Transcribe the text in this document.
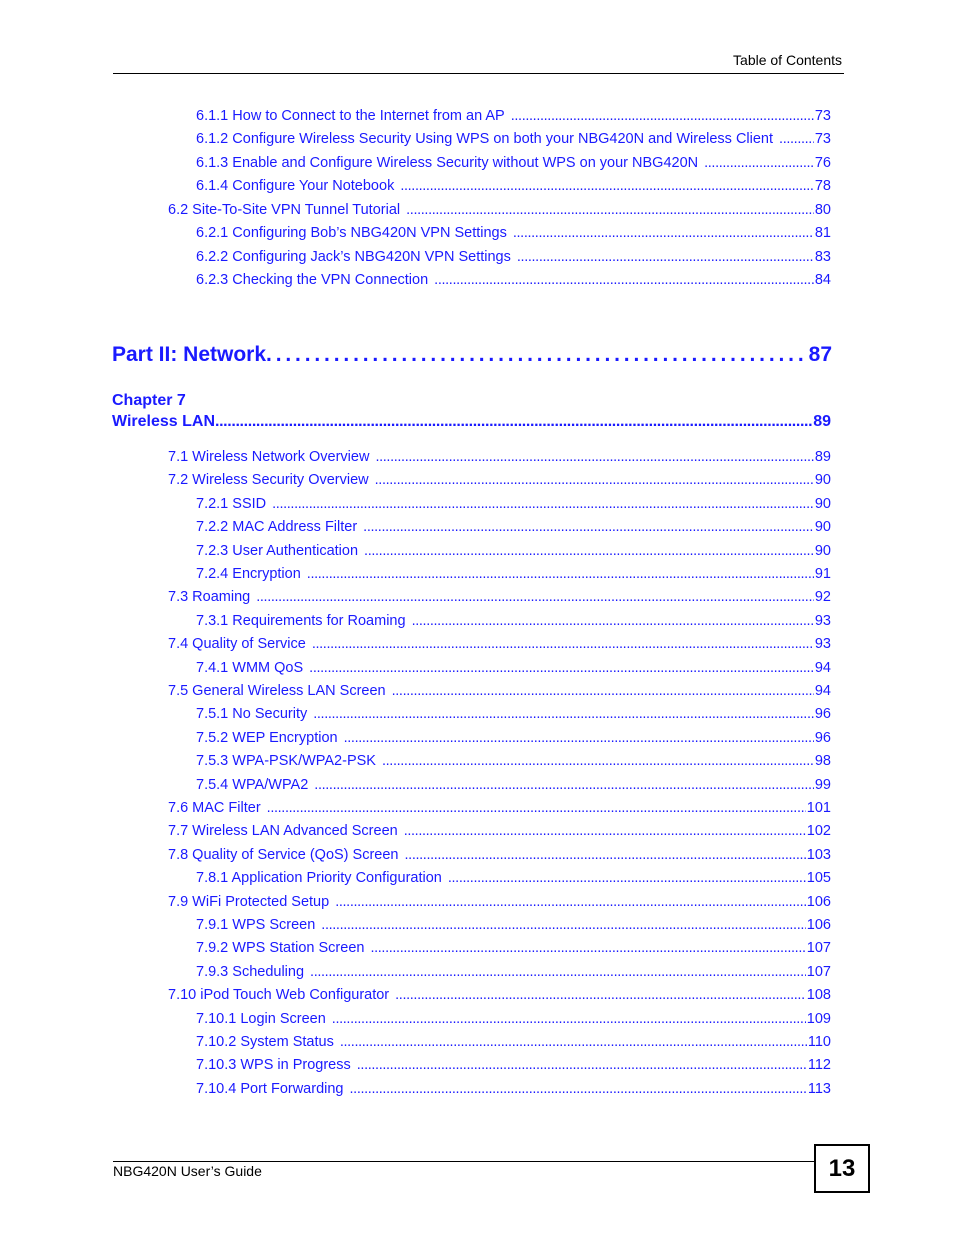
Table of Contents
6.1.1 How to Connect to the Internet from an AP . . .	73
6.1.2 Configure Wireless Security Using WPS on both your NBG420N and Wireless Client . . .	73
6.1.3 Enable and Configure Wireless Security without WPS on your NBG420N . . .	76
6.1.4 Configure Your Notebook . . .	78
6.2 Site-To-Site VPN Tunnel Tutorial . . .	80
6.2.1 Configuring Bob’s NBG420N VPN Settings . . .	81
6.2.2 Configuring Jack’s NBG420N VPN Settings . . .	83
6.2.3 Checking the VPN Connection . . .	84
Part II: Network . . .	87
Chapter 7
Wireless LAN . . .	89
7.1 Wireless Network Overview . . .	89
7.2 Wireless Security Overview . . .	90
7.2.1 SSID . . .	90
7.2.2 MAC Address Filter . . .	90
7.2.3 User Authentication . . .	90
7.2.4 Encryption . . .	91
7.3 Roaming . . .	92
7.3.1 Requirements for Roaming . . .	93
7.4 Quality of Service . . .	93
7.4.1 WMM QoS . . .	94
7.5 General Wireless LAN Screen . . .	94
7.5.1 No Security . . .	96
7.5.2 WEP Encryption . . .	96
7.5.3 WPA-PSK/WPA2-PSK . . .	98
7.5.4 WPA/WPA2 . . .	99
7.6 MAC Filter . . .	101
7.7 Wireless LAN Advanced Screen . . .	102
7.8 Quality of Service (QoS) Screen . . .	103
7.8.1 Application Priority Configuration . . .	105
7.9 WiFi Protected Setup . . .	106
7.9.1 WPS Screen . . .	106
7.9.2 WPS Station Screen . . .	107
7.9.3 Scheduling . . .	107
7.10 iPod Touch Web Configurator . . .	108
7.10.1 Login Screen . . .	109
7.10.2 System Status . . .	110
7.10.3 WPS in Progress . . .	112
7.10.4 Port Forwarding . . .	113
NBG420N User’s Guide	13
